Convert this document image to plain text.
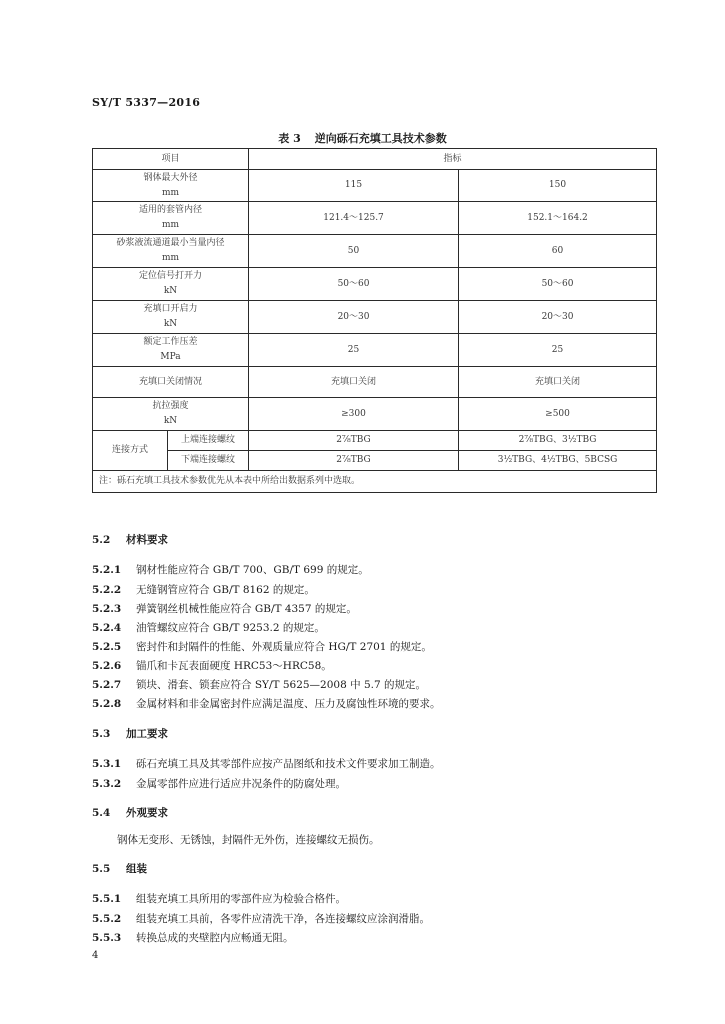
SY/T 5337—2016
表 3 逆向砾石充填工具技术参数
项目		指标	
钢体最大外径
mm		115	150
适用的套管内径
mm		121.4～125.7	152.1～164.2
砂浆液流通道最小当量内径
mm		50	60
定位信号打开力
kN		50～60	50～60
充填口开启力
kN		20～30	20～30
额定工作压差
MPa		25	25
充填口关闭情况		充填口关闭	充填口关闭
抗拉强度
kN		≥300	≥500
连接方式	上端连接螺纹	2⅞TBG	2⅞TBG、3½TBG
	下端连接螺纹	2⅞TBG	3½TBG、4½TBG、5BCSG
注：砾石充填工具技术参数优先从本表中所给出数据系列中选取。			
5.2 材料要求
5.2.1 钢材性能应符合 GB/T 700、GB/T 699 的规定。
5.2.2 无缝钢管应符合 GB/T 8162 的规定。
5.2.3 弹簧钢丝机械性能应符合 GB/T 4357 的规定。
5.2.4 油管螺纹应符合 GB/T 9253.2 的规定。
5.2.5 密封件和封隔件的性能、外观质量应符合 HG/T 2701 的规定。
5.2.6 锚爪和卡瓦表面硬度 HRC53～HRC58。
5.2.7 锁块、滑套、锁套应符合 SY/T 5625—2008 中 5.7 的规定。
5.2.8 金属材料和非金属密封件应满足温度、压力及腐蚀性环境的要求。
5.3 加工要求
5.3.1 砾石充填工具及其零部件应按产品图纸和技术文件要求加工制造。
5.3.2 金属零部件应进行适应井况条件的防腐处理。
5.4 外观要求
钢体无变形、无锈蚀，封隔件无外伤，连接螺纹无损伤。
5.5 组装
5.5.1 组装充填工具所用的零部件应为检验合格件。
5.5.2 组装充填工具前，各零件应清洗干净，各连接螺纹应涂润滑脂。
5.5.3 转换总成的夹壁腔内应畅通无阻。
4
